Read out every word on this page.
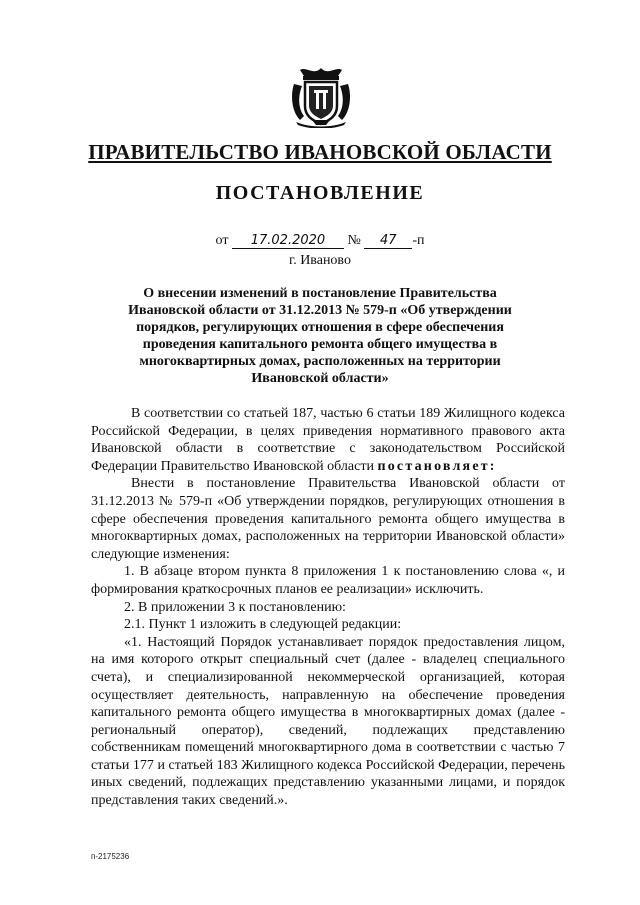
ПРАВИТЕЛЬСТВО ИВАНОВСКОЙ ОБЛАСТИ
ПОСТАНОВЛЕНИЕ
от 17.02.2020 № 47 -п
г. Иваново
О внесении изменений в постановление Правительства Ивановской области от 31.12.2013 № 579-п «Об утверждении порядков, регулирующих отношения в сфере обеспечения проведения капитального ремонта общего имущества в многоквартирных домах, расположенных на территории Ивановской области»

В соответствии со статьей 187, частью 6 статьи 189 Жилищного кодекса Российской Федерации, в целях приведения нормативного правового акта Ивановской области в соответствие с законодательством Российской Федерации Правительство Ивановской области постановляет:

Внести в постановление Правительства Ивановской области от 31.12.2013 № 579-п «Об утверждении порядков, регулирующих отношения в сфере обеспечения проведения капитального ремонта общего имущества в многоквартирных домах, расположенных на территории Ивановской области» следующие изменения:

1. В абзаце втором пункта 8 приложения 1 к постановлению слова «, и формирования краткосрочных планов ее реализации» исключить.

2. В приложении 3 к постановлению:

2.1. Пункт 1 изложить в следующей редакции:

«1. Настоящий Порядок устанавливает порядок предоставления лицом, на имя которого открыт специальный счет (далее - владелец специального счета), и специализированной некоммерческой организацией, которая осуществляет деятельность, направленную на обеспечение проведения капитального ремонта общего имущества в многоквартирных домах (далее - региональный оператор), сведений, подлежащих представлению собственникам помещений многоквартирного дома в соответствии с частью 7 статьи 177 и статьей 183 Жилищного кодекса Российской Федерации, перечень иных сведений, подлежащих представлению указанными лицами, и порядок представления таких сведений.».

п-2175236
